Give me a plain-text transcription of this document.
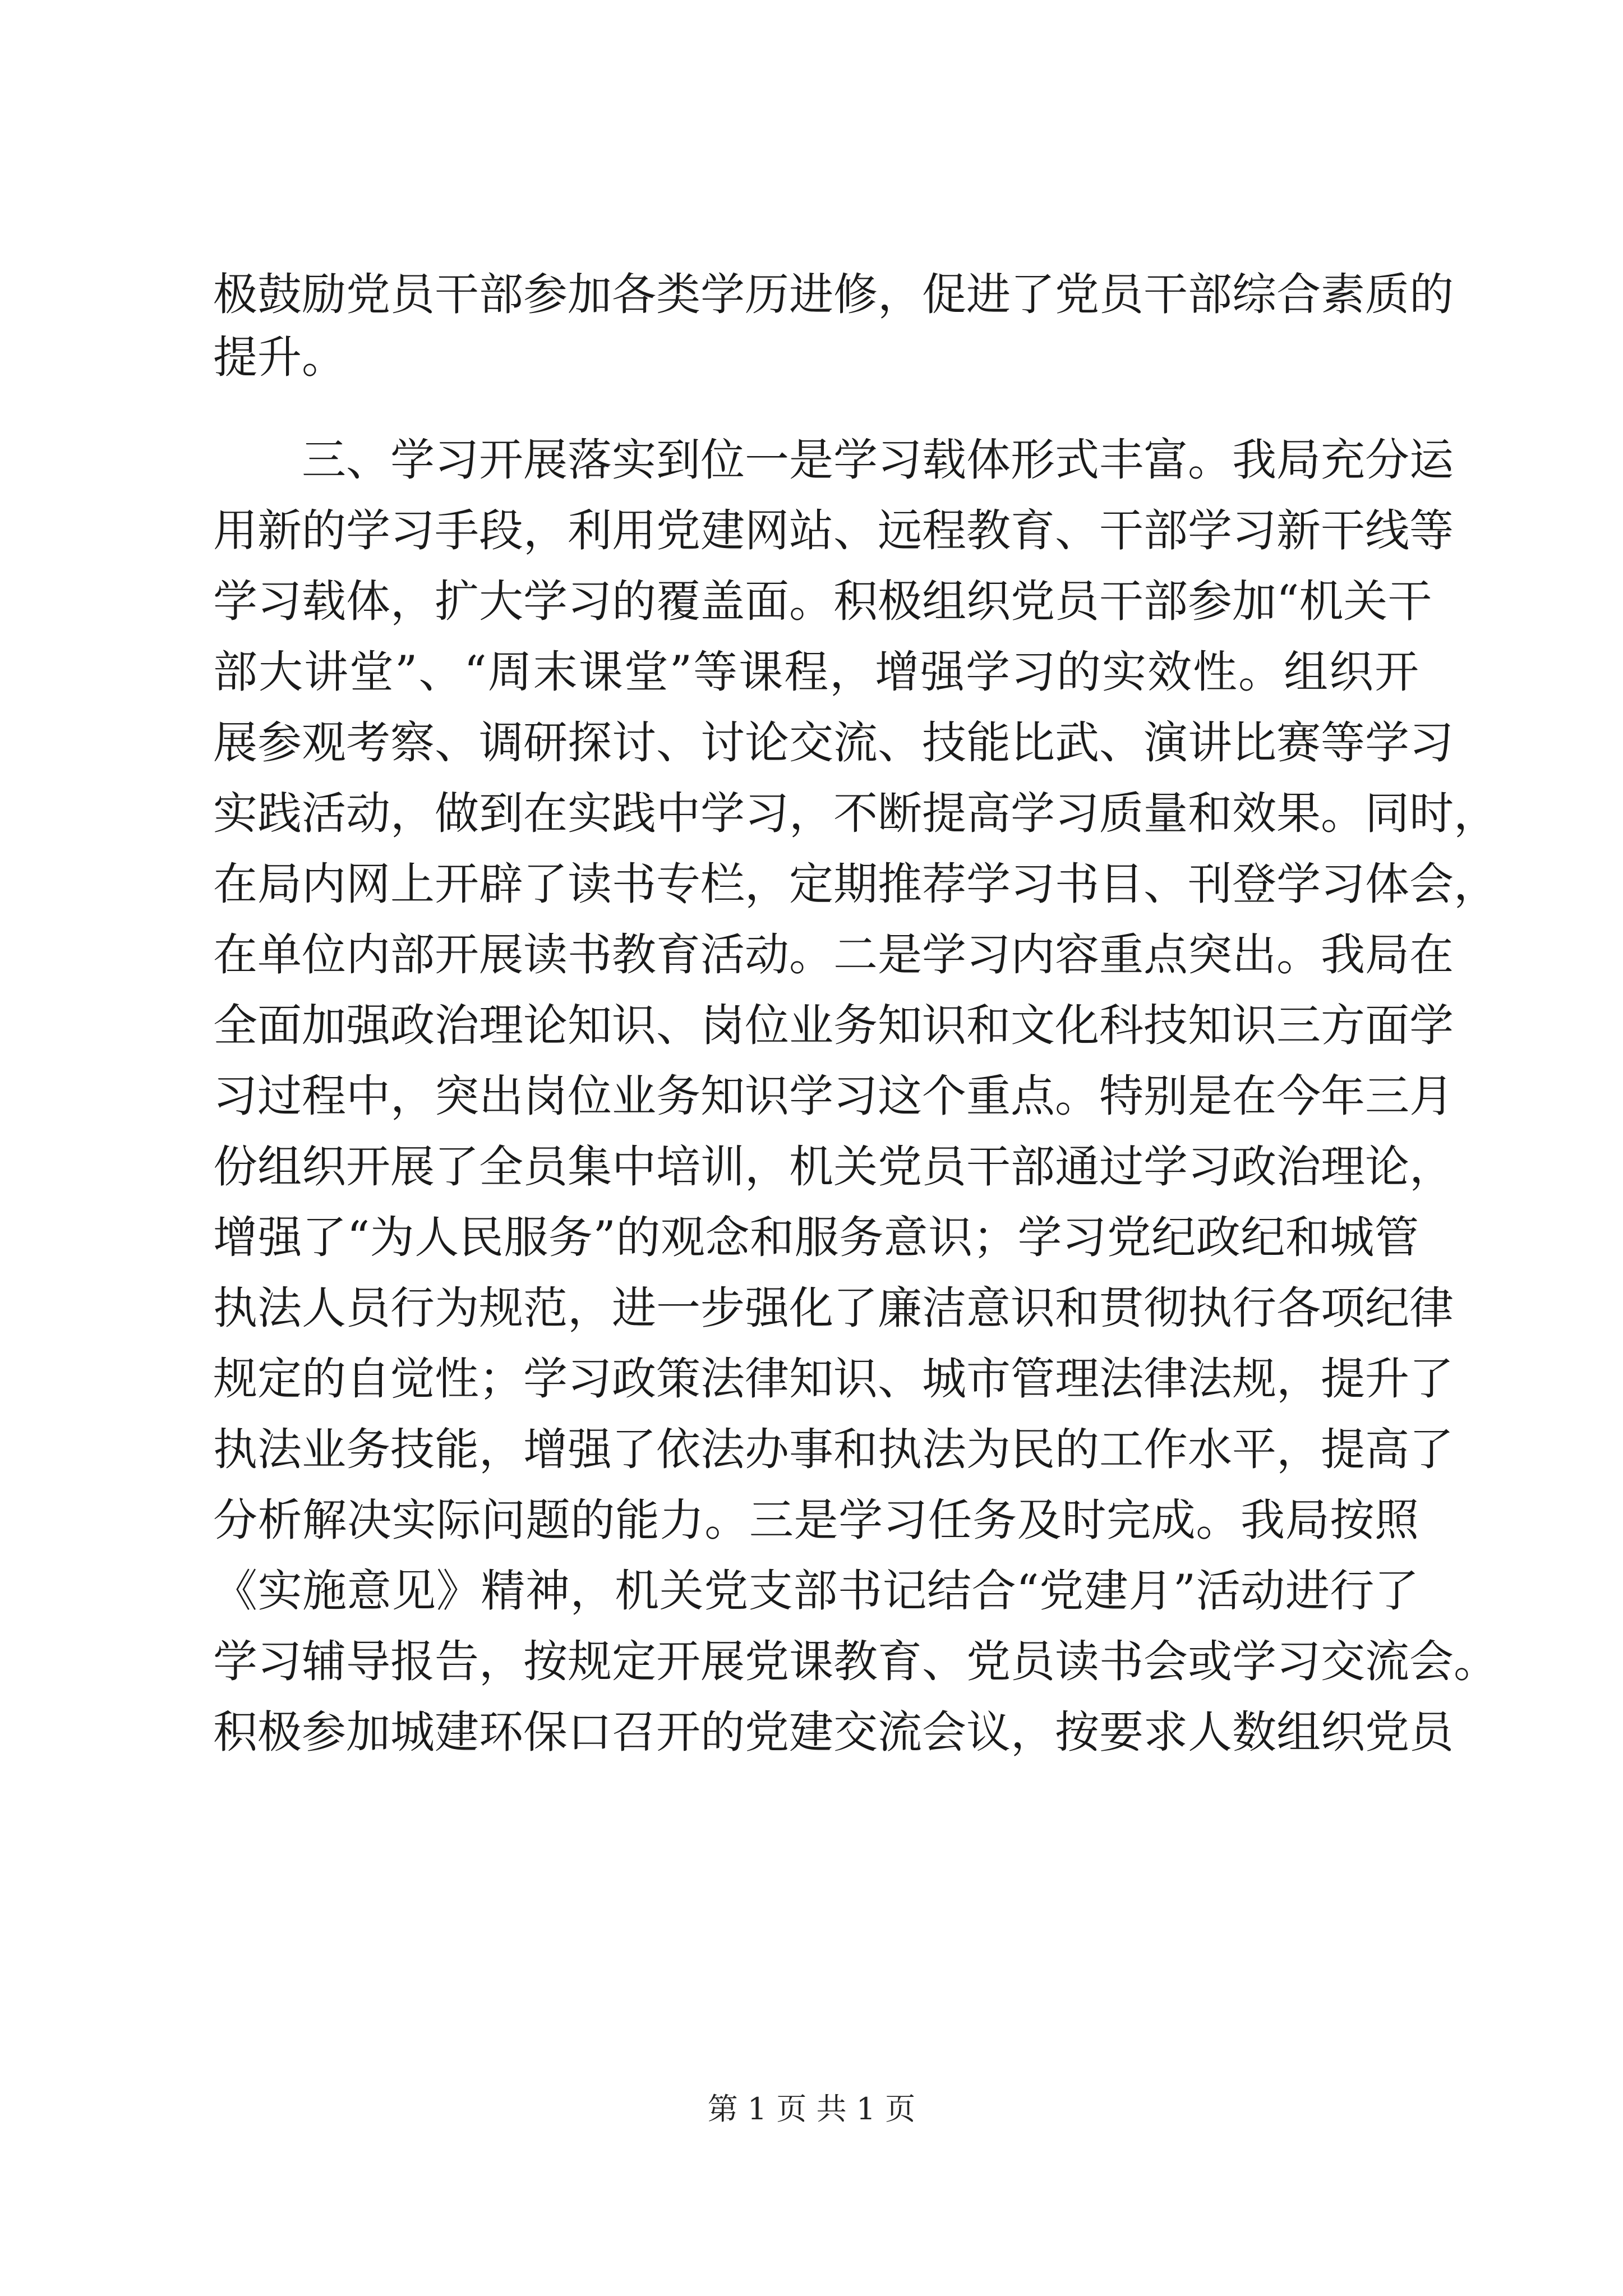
极鼓励党员干部参加各类学历进修，促进了党员干部综合素质的
提升。
三、学习开展落实到位一是学习载体形式丰富。我局充分运
用新的学习手段，利用党建网站、远程教育、干部学习新干线等
学习载体，扩大学习的覆盖面。积极组织党员干部参加“机关干
部大讲堂”、“周末课堂”等课程，增强学习的实效性。组织开
展参观考察、调研探讨、讨论交流、技能比武、演讲比赛等学习
实践活动，做到在实践中学习，不断提高学习质量和效果。同时，
在局内网上开辟了读书专栏，定期推荐学习书目、刊登学习体会，
在单位内部开展读书教育活动。二是学习内容重点突出。我局在
全面加强政治理论知识、岗位业务知识和文化科技知识三方面学
习过程中，突出岗位业务知识学习这个重点。特别是在今年三月
份组织开展了全员集中培训，机关党员干部通过学习政治理论，
增强了“为人民服务”的观念和服务意识；学习党纪政纪和城管
执法人员行为规范，进一步强化了廉洁意识和贯彻执行各项纪律
规定的自觉性；学习政策法律知识、城市管理法律法规，提升了
执法业务技能，增强了依法办事和执法为民的工作水平，提高了
分析解决实际问题的能力。三是学习任务及时完成。我局按照
《实施意见》精神，机关党支部书记结合“党建月”活动进行了
学习辅导报告，按规定开展党课教育、党员读书会或学习交流会。
积极参加城建环保口召开的党建交流会议，按要求人数组织党员
第 1 页 共 1 页
